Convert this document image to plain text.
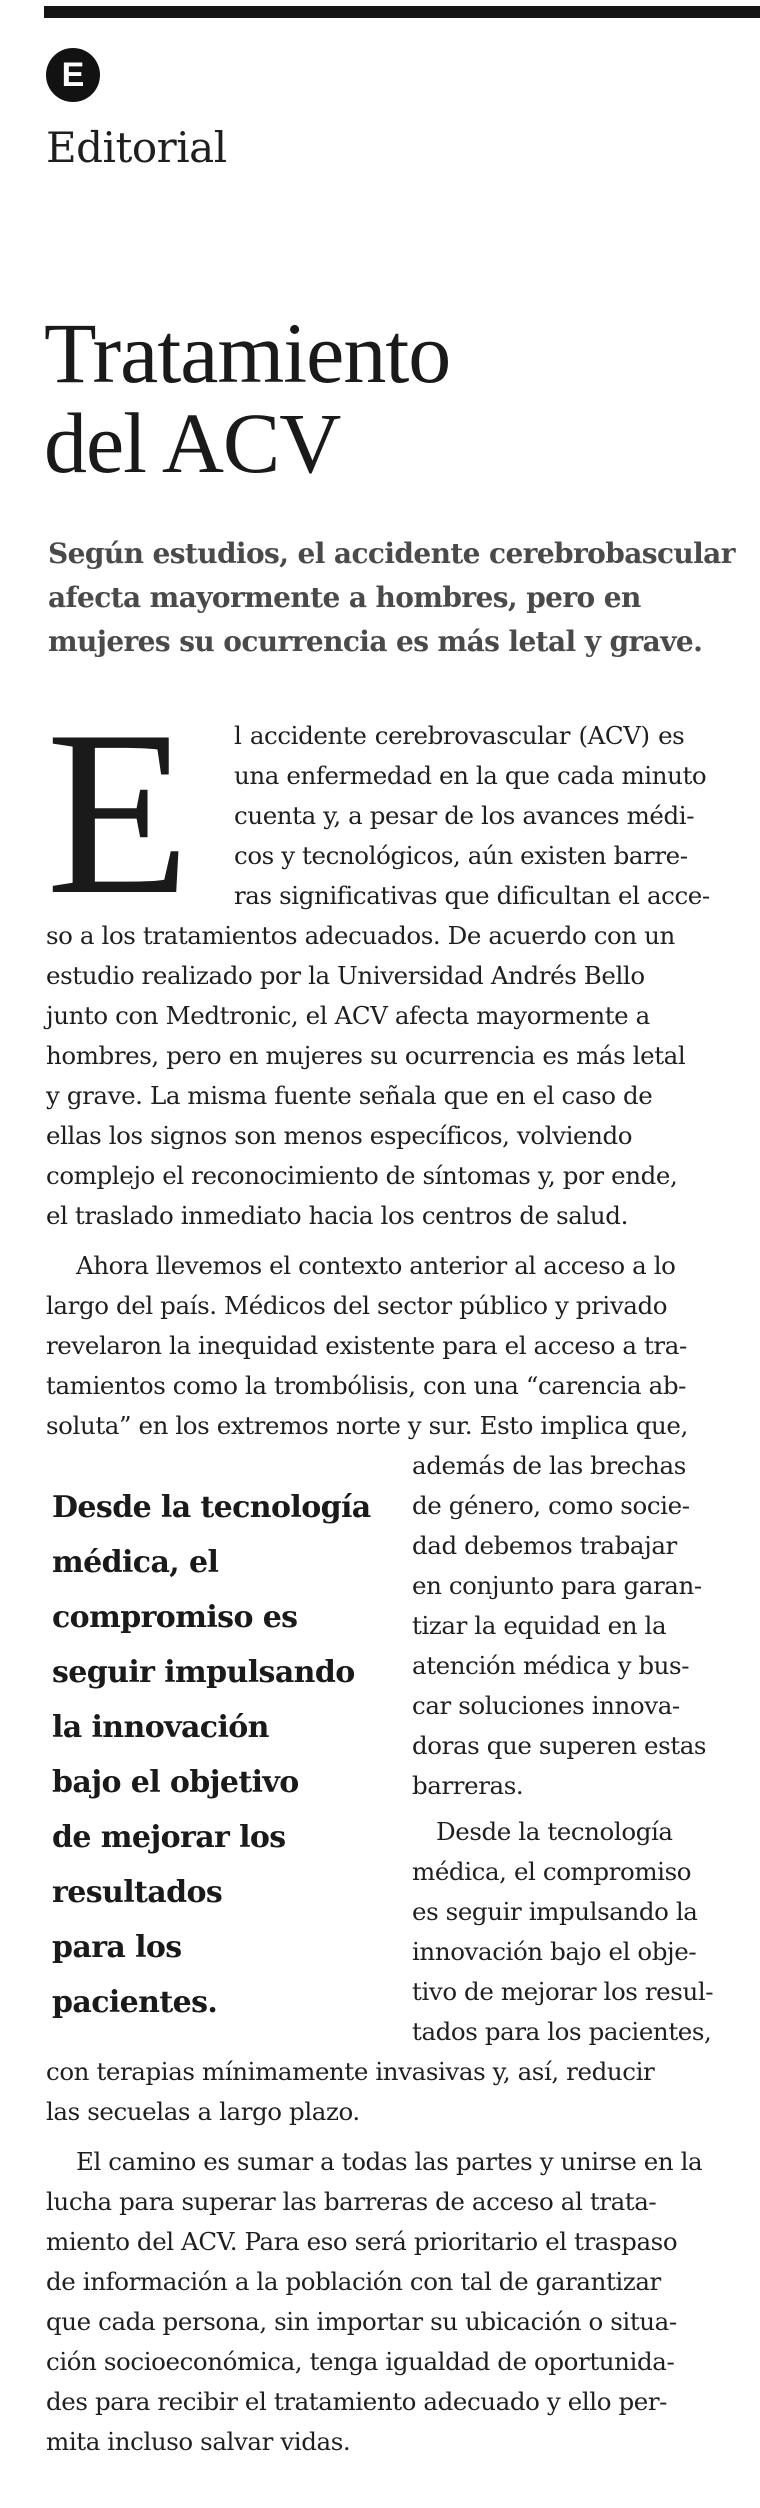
E
Editorial
Tratamiento
del ACV
Según estudios, el accidente cerebrobascular
afecta mayormente a hombres, pero en
mujeres su ocurrencia es más letal y grave.
E l accidente cerebrovascular (ACV) es
una enfermedad en la que cada minuto
cuenta y, a pesar de los avances médi-
cos y tecnológicos, aún existen barre-
ras significativas que dificultan el acce-
so a los tratamientos adecuados. De acuerdo con un
estudio realizado por la Universidad Andrés Bello
junto con Medtronic, el ACV afecta mayormente a
hombres, pero en mujeres su ocurrencia es más letal
y grave. La misma fuente señala que en el caso de
ellas los signos son menos específicos, volviendo
complejo el reconocimiento de síntomas y, por ende,
el traslado inmediato hacia los centros de salud.
Ahora llevemos el contexto anterior al acceso a lo
largo del país. Médicos del sector público y privado
revelaron la inequidad existente para el acceso a tra-
tamientos como la trombólisis, con una “carencia ab-
soluta” en los extremos norte y sur. Esto implica que,
además de las brechas
de género, como socie-
dad debemos trabajar
en conjunto para garan-
tizar la equidad en la
atención médica y bus-
car soluciones innova-
doras que superen estas
barreras.
Desde la tecnología
médica, el compromiso
es seguir impulsando la
innovación bajo el obje-
tivo de mejorar los resul-
tados para los pacientes,
con terapias mínimamente invasivas y, así, reducir
las secuelas a largo plazo.
El camino es sumar a todas las partes y unirse en la
lucha para superar las barreras de acceso al trata-
miento del ACV. Para eso será prioritario el traspaso
de información a la población con tal de garantizar
que cada persona, sin importar su ubicación o situa-
ción socioeconómica, tenga igualdad de oportunida-
des para recibir el tratamiento adecuado y ello per-
mita incluso salvar vidas.
Desde la tecnología
médica, el
compromiso es
seguir impulsando
la innovación
bajo el objetivo
de mejorar los
resultados
para los
pacientes.
